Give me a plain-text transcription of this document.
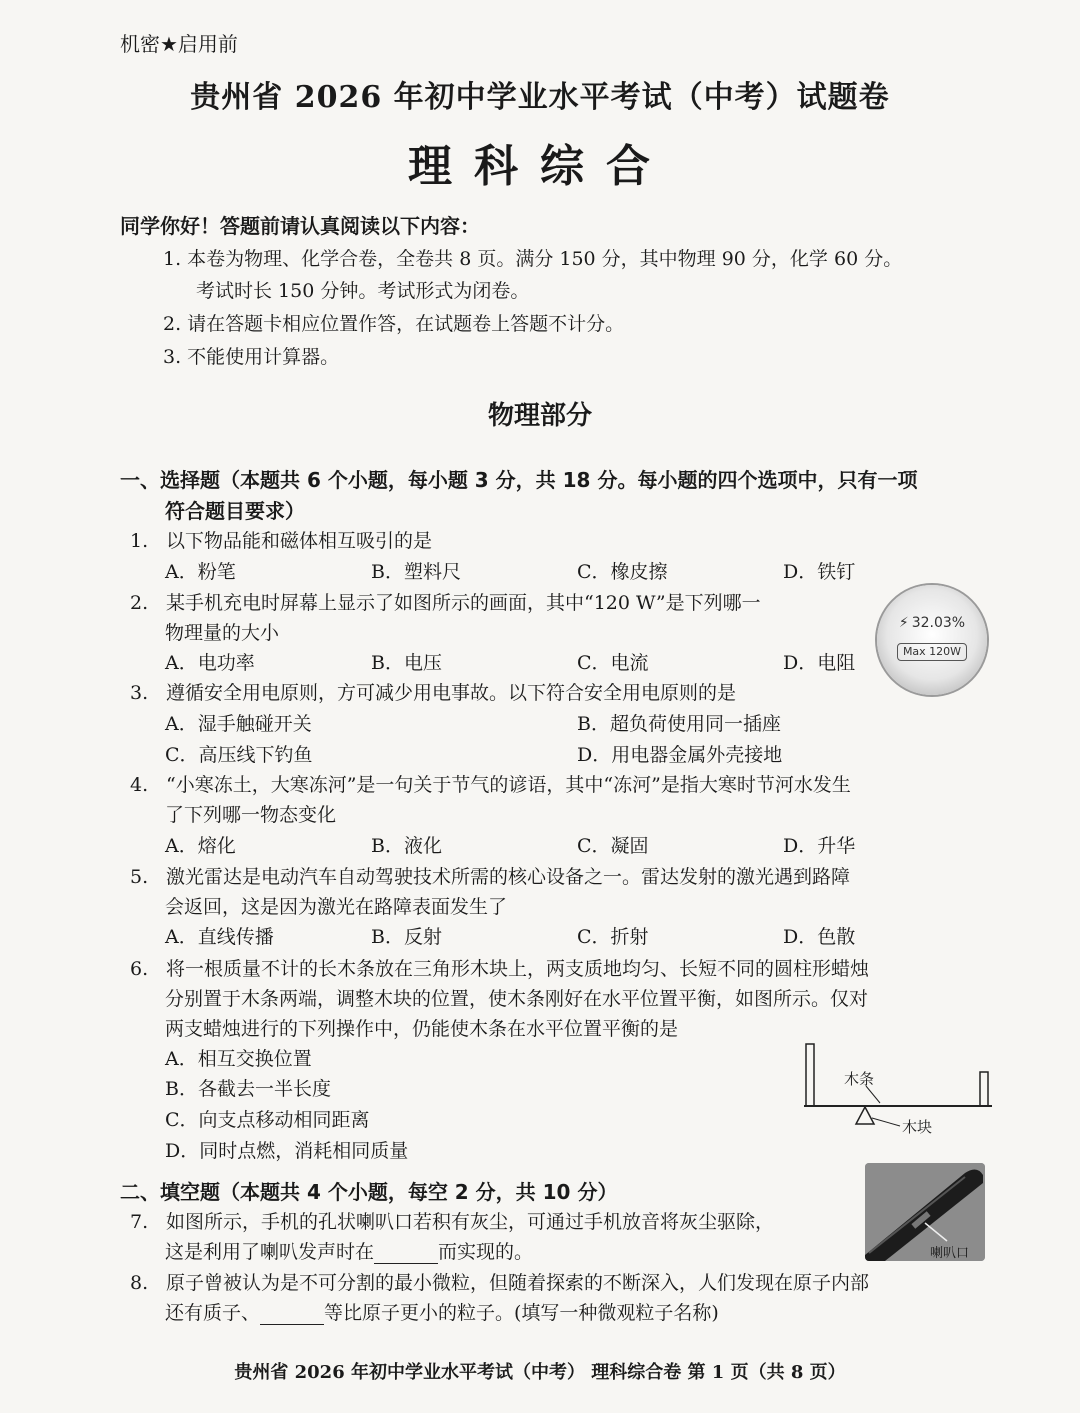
机密★启用前
贵州省 2026 年初中学业水平考试（中考）试题卷
理科综合
同学你好！答题前请认真阅读以下内容：
1. 本卷为物理、化学合卷，全卷共 8 页。满分 150 分，其中物理 90 分，化学 60 分。
考试时长 150 分钟。考试形式为闭卷。
2. 请在答题卡相应位置作答，在试题卷上答题不计分。
3. 不能使用计算器。
物理部分
一、选择题（本题共 6 个小题，每小题 3 分，共 18 分。每小题的四个选项中，只有一项
符合题目要求）
1. 以下物品能和磁体相互吸引的是
A．粉笔	B．塑料尺	C．橡皮擦	D．铁钉
2. 某手机充电时屏幕上显示了如图所示的画面，其中“120 W”是下列哪一
物理量的大小
A．电功率	B．电压	C．电流	D．电阻
⚡ 32.03%
Max 120W
3. 遵循安全用电原则，方可减少用电事故。以下符合安全用电原则的是
A．湿手触碰开关	B．超负荷使用同一插座
C．高压线下钓鱼	D．用电器金属外壳接地
4. “小寒冻土，大寒冻河”是一句关于节气的谚语，其中“冻河”是指大寒时节河水发生
了下列哪一物态变化
A．熔化	B．液化	C．凝固	D．升华
5. 激光雷达是电动汽车自动驾驶技术所需的核心设备之一。雷达发射的激光遇到路障
会返回，这是因为激光在路障表面发生了
A．直线传播	B．反射	C．折射	D．色散
6. 将一根质量不计的长木条放在三角形木块上，两支质地均匀、长短不同的圆柱形蜡烛
分别置于木条两端，调整木块的位置，使木条刚好在水平位置平衡，如图所示。仅对
两支蜡烛进行的下列操作中，仍能使木条在水平位置平衡的是
A．相互交换位置
B．各截去一半长度
C．向支点移动相同距离
D．同时点燃，消耗相同质量
木条
木块
二、填空题（本题共 4 个小题，每空 2 分，共 10 分）
7. 如图所示，手机的孔状喇叭口若积有灰尘，可通过手机放音将灰尘驱除，
这是利用了喇叭发声时在	而实现的。	喇叭口
8. 原子曾被认为是不可分割的最小微粒，但随着探索的不断深入，人们发现在原子内部
还有质子、	等比原子更小的粒子。(填写一种微观粒子名称)
贵州省 2026 年初中学业水平考试（中考） 理科综合卷 第 1 页（共 8 页）
